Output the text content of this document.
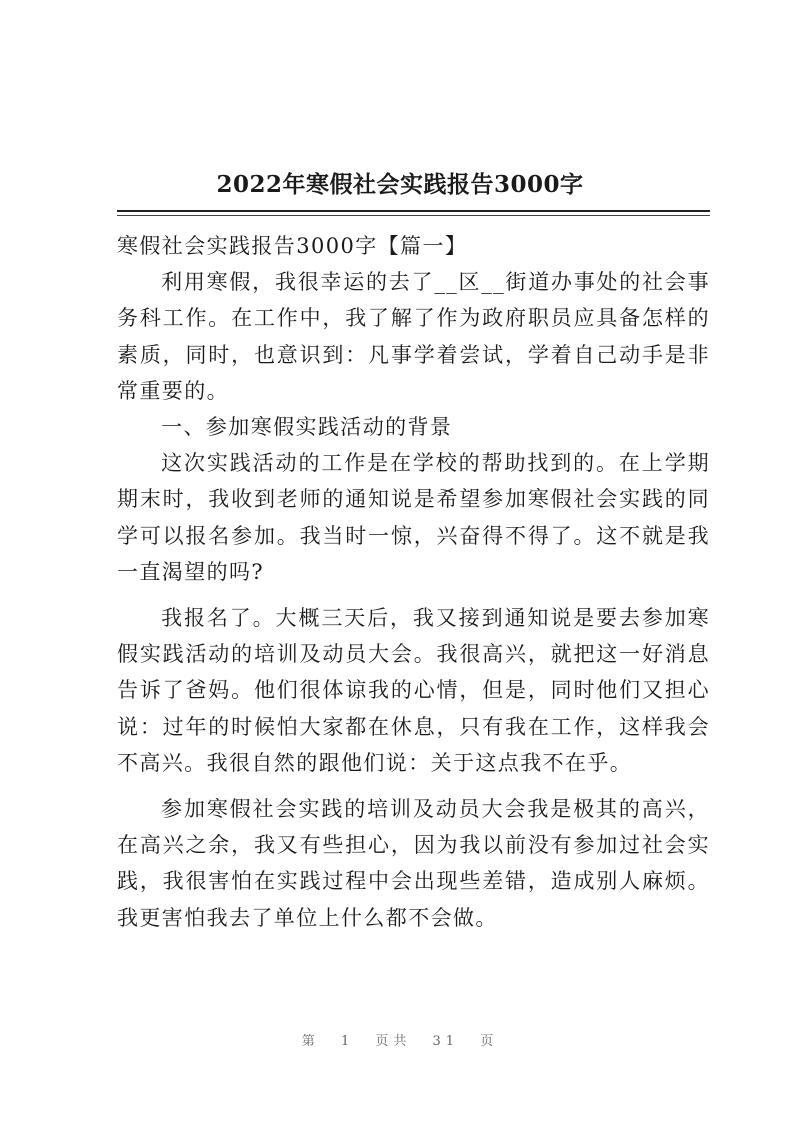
2022年寒假社会实践报告3000字

寒假社会实践报告3000字【篇一】

利用寒假，我很幸运的去了__区__街道办事处的社会事务科工作。在工作中，我了解了作为政府职员应具备怎样的素质，同时，也意识到：凡事学着尝试，学着自己动手是非常重要的。

一、参加寒假实践活动的背景

这次实践活动的工作是在学校的帮助找到的。在上学期期末时，我收到老师的通知说是希望参加寒假社会实践的同学可以报名参加。我当时一惊，兴奋得不得了。这不就是我一直渴望的吗?

我报名了。大概三天后，我又接到通知说是要去参加寒假实践活动的培训及动员大会。我很高兴，就把这一好消息告诉了爸妈。他们很体谅我的心情，但是，同时他们又担心说：过年的时候怕大家都在休息，只有我在工作，这样我会不高兴。我很自然的跟他们说：关于这点我不在乎。

参加寒假社会实践的培训及动员大会我是极其的高兴，在高兴之余，我又有些担心，因为我以前没有参加过社会实践，我很害怕在实践过程中会出现些差错，造成别人麻烦。我更害怕我去了单位上什么都不会做。

第 1 页共 31 页
